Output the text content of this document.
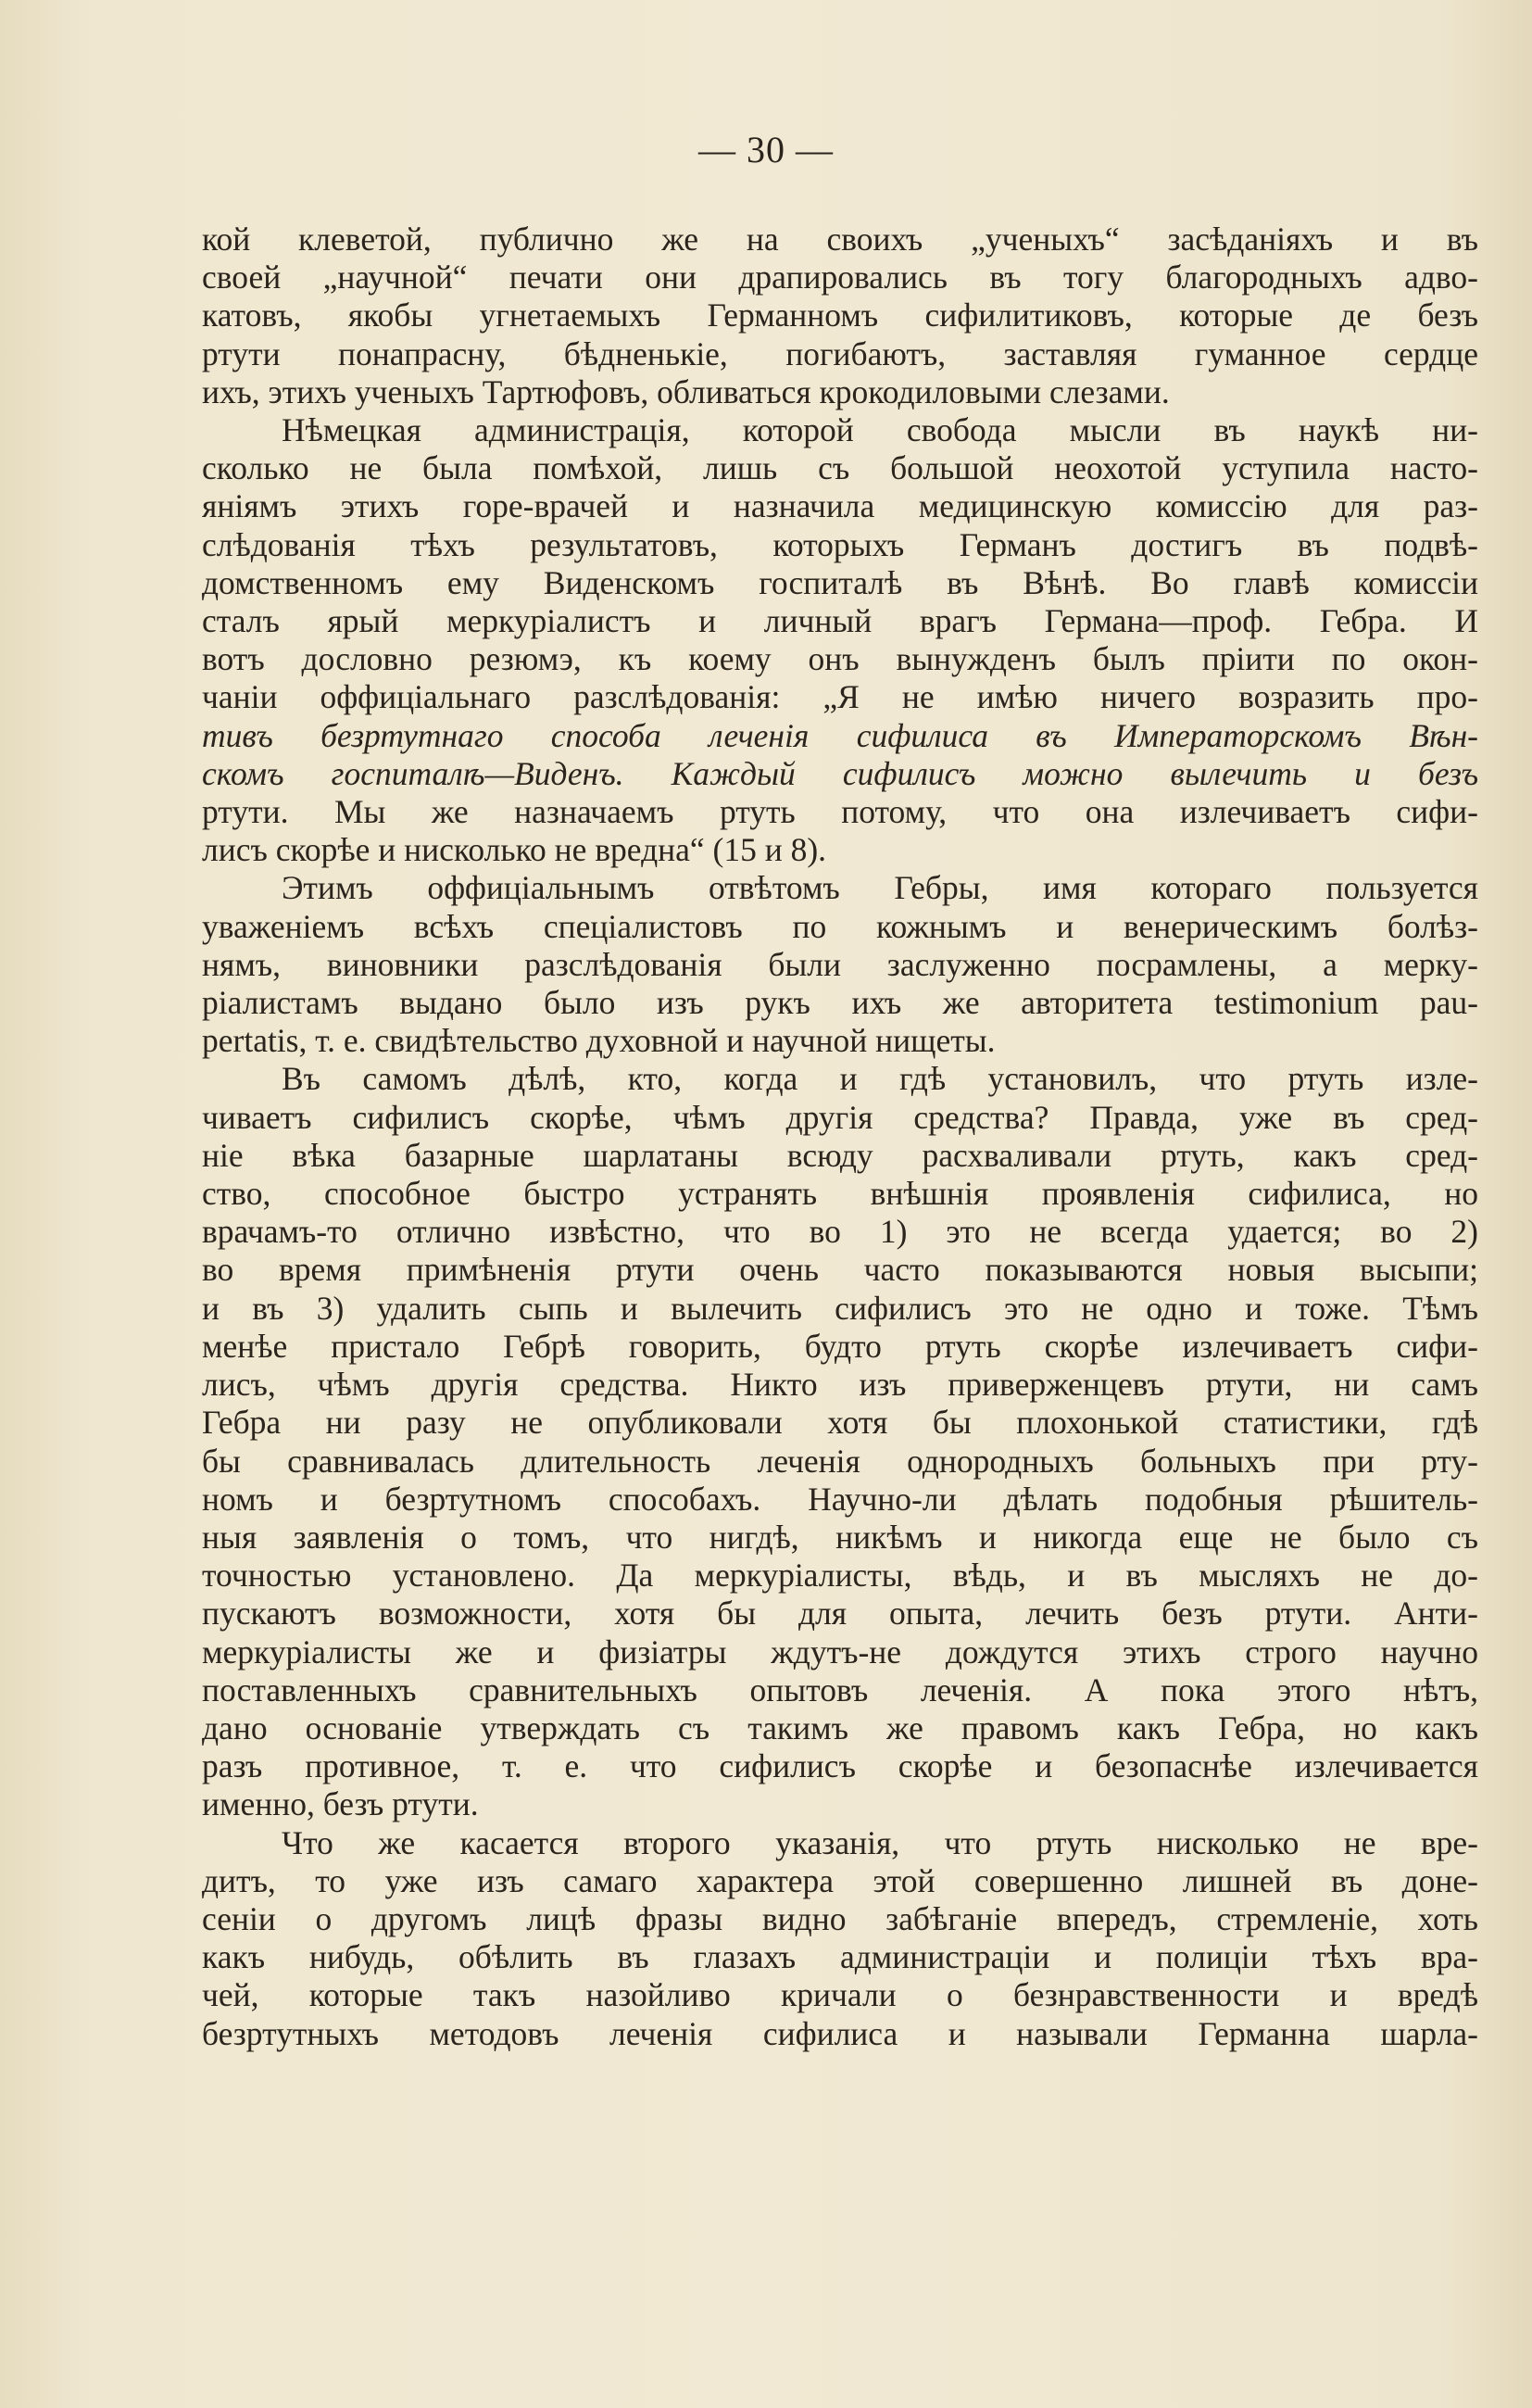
— 30 —
кой клеветой, публично же на своихъ „ученыхъ“ засѣданіяхъ и въ
своей „научной“ печати они драпировались въ тогу благородныхъ адво-
катовъ, якобы угнетаемыхъ Германномъ сифилитиковъ, которые де безъ
ртути понапрасну, бѣдненькіе, погибаютъ, заставляя гуманное сердце
ихъ, этихъ ученыхъ Тартюфовъ, обливаться крокодиловыми слезами.
Нѣмецкая администрація, которой свобода мысли въ наукѣ ни-
сколько не была помѣхой, лишь съ большой неохотой уступила насто-
яніямъ этихъ горе-врачей и назначила медицинскую комиссію для раз-
слѣдованія тѣхъ результатовъ, которыхъ Германъ достигъ въ подвѣ-
домственномъ ему Виденскомъ госпиталѣ въ Вѣнѣ. Во главѣ комиссіи
сталъ ярый меркуріалистъ и личный врагъ Германа—проф. Гебра. И
вотъ дословно резюмэ, къ коему онъ вынужденъ былъ пріити по окон-
чаніи оффиціальнаго разслѣдованія: „Я не имѣю ничего возразить про-
тивъ безртутнаго способа леченія сифилиса въ Императорскомъ Вѣн-
скомъ госпиталѣ—Виденъ. Каждый сифилисъ можно вылечить и безъ
ртути. Мы же назначаемъ ртуть потому, что она излечиваетъ сифи-
лисъ скорѣе и нисколько не вредна“ (15 и 8).
Этимъ оффиціальнымъ отвѣтомъ Гебры, имя котораго пользуется
уваженіемъ всѣхъ спеціалистовъ по кожнымъ и венерическимъ болѣз-
нямъ, виновники разслѣдованія были заслуженно посрамлены, а мерку-
ріалистамъ выдано было изъ рукъ ихъ же авторитета testimonium pau-
pertatis, т. е. свидѣтельство духовной и научной нищеты.
Въ самомъ дѣлѣ, кто, когда и гдѣ установилъ, что ртуть изле-
чиваетъ сифилисъ скорѣе, чѣмъ другія средства? Правда, уже въ сред-
ніе вѣка базарные шарлатаны всюду расхваливали ртуть, какъ сред-
ство, способное быстро устранять внѣшнія проявленія сифилиса, но
врачамъ-то отлично извѣстно, что во 1) это не всегда удается; во 2)
во время примѣненія ртути очень часто показываются новыя высыпи;
и въ 3) удалить сыпь и вылечить сифилисъ это не одно и тоже. Тѣмъ
менѣе пристало Гебрѣ говорить, будто ртуть скорѣе излечиваетъ сифи-
лисъ, чѣмъ другія средства. Никто изъ приверженцевъ ртути, ни самъ
Гебра ни разу не опубликовали хотя бы плохонькой статистики, гдѣ
бы сравнивалась длительность леченія однородныхъ больныхъ при рту-
номъ и безртутномъ способахъ. Научно-ли дѣлать подобныя рѣшитель-
ныя заявленія о томъ, что нигдѣ, никѣмъ и никогда еще не было съ
точностью установлено. Да меркуріалисты, вѣдь, и въ мысляхъ не до-
пускаютъ возможности, хотя бы для опыта, лечить безъ ртути. Анти-
меркуріалисты же и физіатры ждутъ-не дождутся этихъ строго научно
поставленныхъ сравнительныхъ опытовъ леченія. А пока этого нѣтъ,
дано основаніе утверждать съ такимъ же правомъ какъ Гебра, но какъ
разъ противное, т. е. что сифилисъ скорѣе и безопаснѣе излечивается
именно, безъ ртути.
Что же касается второго указанія, что ртуть нисколько не вре-
дитъ, то уже изъ самаго характера этой совершенно лишней въ доне-
сеніи о другомъ лицѣ фразы видно забѣганіе впередъ, стремленіе, хоть
какъ нибудь, обѣлить въ глазахъ администраціи и полиціи тѣхъ вра-
чей, которые такъ назойливо кричали о безнравственности и вредѣ
безртутныхъ методовъ леченія сифилиса и называли Германна шарла-
